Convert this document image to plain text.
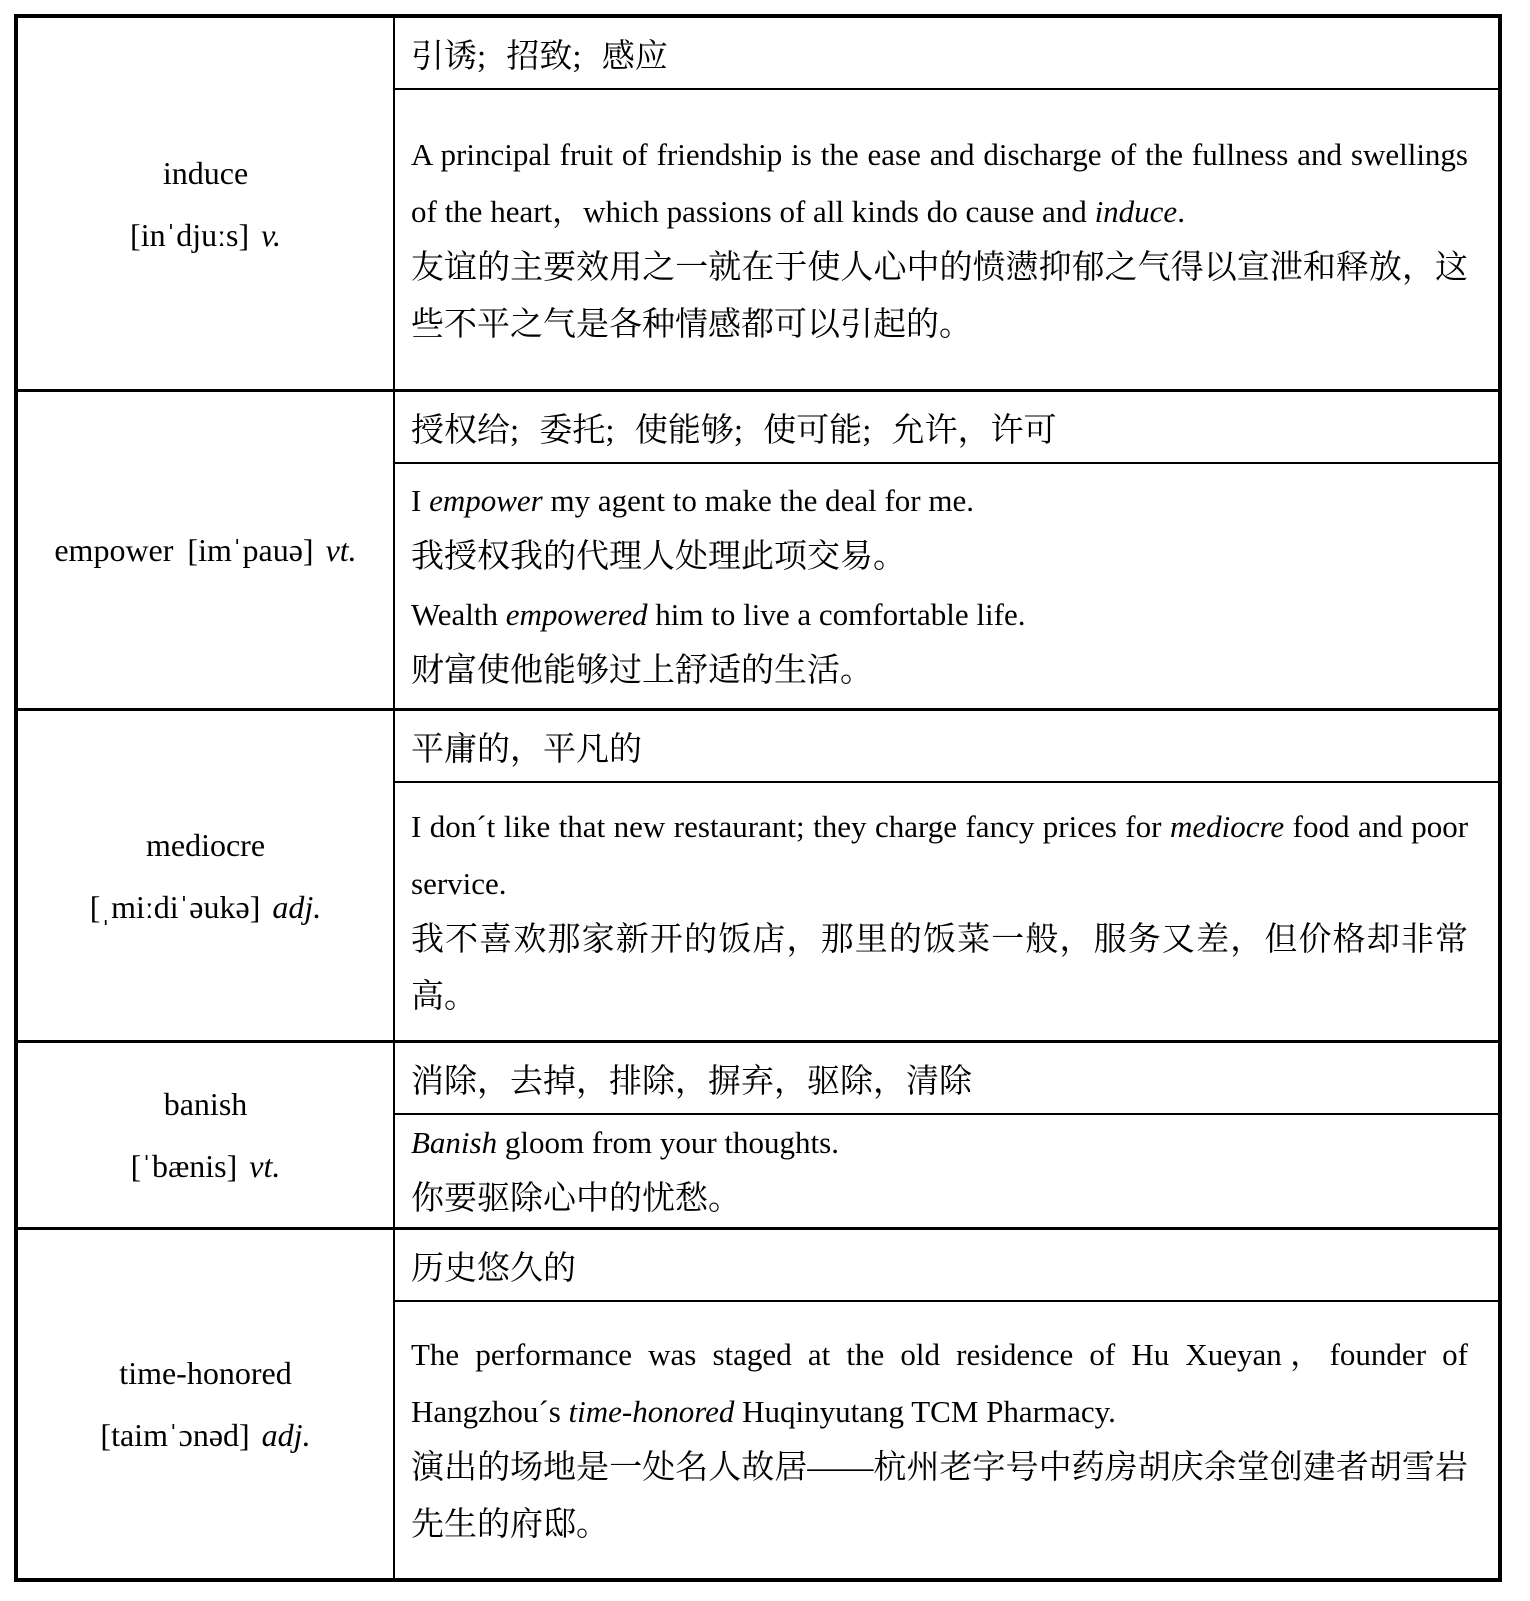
induce
[inˈdjuːs] v.
引诱; 招致; 感应

A principal fruit of friendship is the ease and discharge of the fullness and swellings of the heart，which passions of all kinds do cause and induce.

友谊的主要效用之一就在于使人心中的愤懑抑郁之气得以宣泄和释放，这些不平之气是各种情感都可以引起的。

empower [imˈpauə] vt.
授权给; 委托; 使能够; 使可能; 允许，许可

I empower my agent to make the deal for me.

我授权我的代理人处理此项交易。

Wealth empowered him to live a comfortable life.

财富使他能够过上舒适的生活。

mediocre
[ˌmiːdiˈəukə] adj.
平庸的，平凡的

I don´t like that new restaurant; they charge fancy prices for mediocre food and poor service.

我不喜欢那家新开的饭店，那里的饭菜一般，服务又差，但价格却非常高。

banish
[ˈbænis] vt.
消除，去掉，排除，摒弃，驱除，清除

Banish gloom from your thoughts.

你要驱除心中的忧愁。

time-honored
[taimˈɔnəd] adj.
历史悠久的

The performance was staged at the old residence of Hu Xueyan，founder of Hangzhou´s time-honored Huqinyutang TCM Pharmacy.

演出的场地是一处名人故居——杭州老字号中药房胡庆余堂创建者胡雪岩先生的府邸。
